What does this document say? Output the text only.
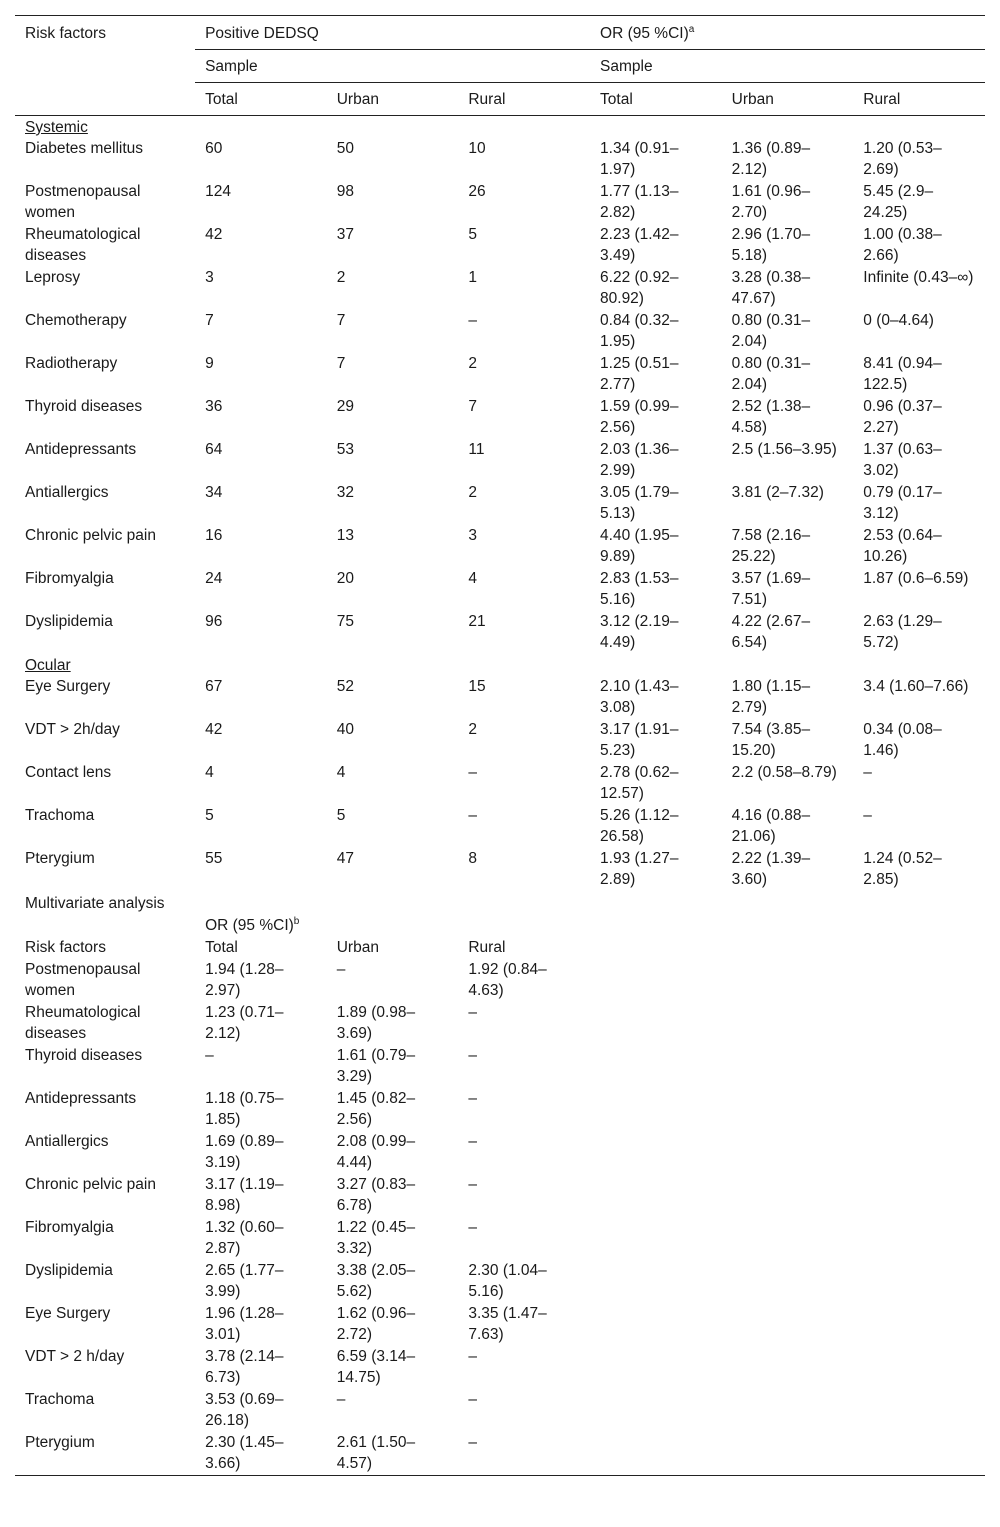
Risk factors	Positive DEDSQ			OR (95 %CI)$^a$
	Sample			Sample		
	Total	Urban	Rural	Total	Urban	Rural
Systemic						
Diabetes mellitus	60	50	10	1.34 (0.91–1.97)	1.36 (0.89–2.12)	1.20 (0.53–2.69)
Postmenopausal women	124	98	26	1.77 (1.13–2.82)	1.61 (0.96–2.70)	5.45 (2.9–24.25)
Rheumatological diseases	42	37	5	2.23 (1.42–3.49)	2.96 (1.70–5.18)	1.00 (0.38–2.66)
Leprosy	3	2	1	6.22 (0.92–80.92)	3.28 (0.38–47.67)	Infinite (0.43–∞)
Chemotherapy	7	7	–	0.84 (0.32–1.95)	0.80 (0.31–2.04)	0 (0–4.64)
Radiotherapy	9	7	2	1.25 (0.51–2.77)	0.80 (0.31–2.04)	8.41 (0.94–122.5)
Thyroid diseases	36	29	7	1.59 (0.99–2.56)	2.52 (1.38–4.58)	0.96 (0.37–2.27)
Antidepressants	64	53	11	2.03 (1.36–2.99)	2.5 (1.56–3.95)	1.37 (0.63–3.02)
Antiallergics	34	32	2	3.05 (1.79–5.13)	3.81 (2–7.32)	0.79 (0.17–3.12)
Chronic pelvic pain	16	13	3	4.40 (1.95–9.89)	7.58 (2.16–25.22)	2.53 (0.64–10.26)
Fibromyalgia	24	20	4	2.83 (1.53–5.16)	3.57 (1.69–7.51)	1.87 (0.6–6.59)
Dyslipidemia	96	75	21	3.12 (2.19–4.49)	4.22 (2.67–6.54)	2.63 (1.29–5.72)
Ocular						
Eye Surgery	67	52	15	2.10 (1.43–3.08)	1.80 (1.15–2.79)	3.4 (1.60–7.66)
VDT > 2h/day	42	40	2	3.17 (1.91–5.23)	7.54 (3.85–15.20)	0.34 (0.08–1.46)
Contact lens	4	4	–	2.78 (0.62–12.57)	2.2 (0.58–8.79)	–
Trachoma	5	5	–	5.26 (1.12–26.58)	4.16 (0.88–21.06)	–
Pterygium	55	47	8	1.93 (1.27–2.89)	2.22 (1.39–3.60)	1.24 (0.52–2.85)
Multivariate analysis						
	OR (95 %CI)$^b$			
Risk factors	Total	Urban	Rural			
Postmenopausal women	1.94 (1.28–2.97)	–	1.92 (0.84–4.63)			
Rheumatological diseases	1.23 (0.71–2.12)	1.89 (0.98–3.69)	–			
Thyroid diseases	–	1.61 (0.79–3.29)	–			
Antidepressants	1.18 (0.75–1.85)	1.45 (0.82–2.56)	–			
Antiallergics	1.69 (0.89–3.19)	2.08 (0.99–4.44)	–			
Chronic pelvic pain	3.17 (1.19–8.98)	3.27 (0.83–6.78)	–			
Fibromyalgia	1.32 (0.60–2.87)	1.22 (0.45–3.32)	–			
Dyslipidemia	2.65 (1.77–3.99)	3.38 (2.05–5.62)	2.30 (1.04–5.16)			
Eye Surgery	1.96 (1.28–3.01)	1.62 (0.96–2.72)	3.35 (1.47–7.63)			
VDT > 2 h/day	3.78 (2.14–6.73)	6.59 (3.14–14.75)	–			
Trachoma	3.53 (0.69–26.18)	–	–			
Pterygium	2.30 (1.45–3.66)	2.61 (1.50–4.57)	–			
